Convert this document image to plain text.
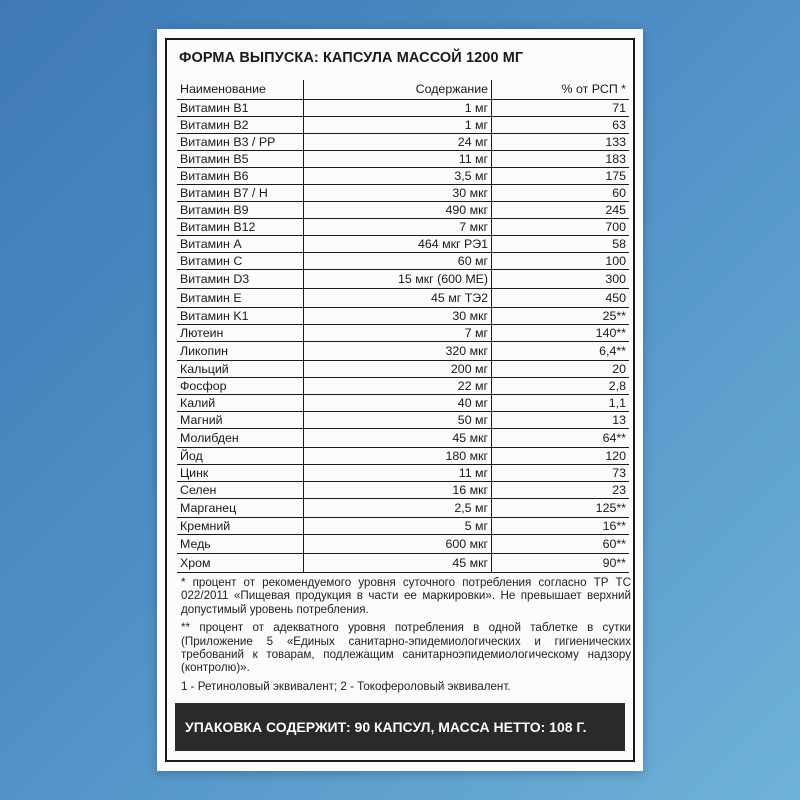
ФОРМА ВЫПУСКА: КАПСУЛА МАССОЙ 1200 МГ
Наименование	Содержание	% от РСП *
Витамин B1	1 мг	71
Витамин B2	1 мг	63
Витамин B3 / PP	24 мг	133
Витамин B5	11 мг	183
Витамин B6	3,5 мг	175
Витамин B7 / H	30 мкг	60
Витамин B9	490 мкг	245
Витамин B12	7 мкг	700
Витамин A	464 мкг РЭ1	58
Витамин C	60 мг	100
Витамин D3	15 мкг (600 МЕ)	300
Витамин E	45 мг ТЭ2	450
Витамин K1	30 мкг	25**
Лютеин	7 мг	140**
Ликопин	320 мкг	6,4**
Кальций	200 мг	20
Фосфор	22 мг	2,8
Калий	40 мг	1,1
Магний	50 мг	13
Молибден	45 мкг	64**
Йод	180 мкг	120
Цинк	11 мг	73
Селен	16 мкг	23
Марганец	2,5 мг	125**
Кремний	5 мг	16**
Медь	600 мкг	60**
Хром	45 мкг	90**

* процент от рекомендуемого уровня суточного потребления согласно ТР ТС 022/2011 «Пищевая продукция в части ее маркировки». Не превышает верхний допустимый уровень потребления.

** процент от адекватного уровня потребления в одной таблетке в сутки (Приложение 5 «Единых санитарно-эпидемиологических и гигиенических требований к товарам, подлежащим санитарноэпидемиологическому надзору (контролю)».

1 - Ретиноловый эквивалент; 2 - Токофероловый эквивалент.

УПАКОВКА СОДЕРЖИТ: 90 КАПСУЛ, МАССА НЕТТО: 108 Г.
